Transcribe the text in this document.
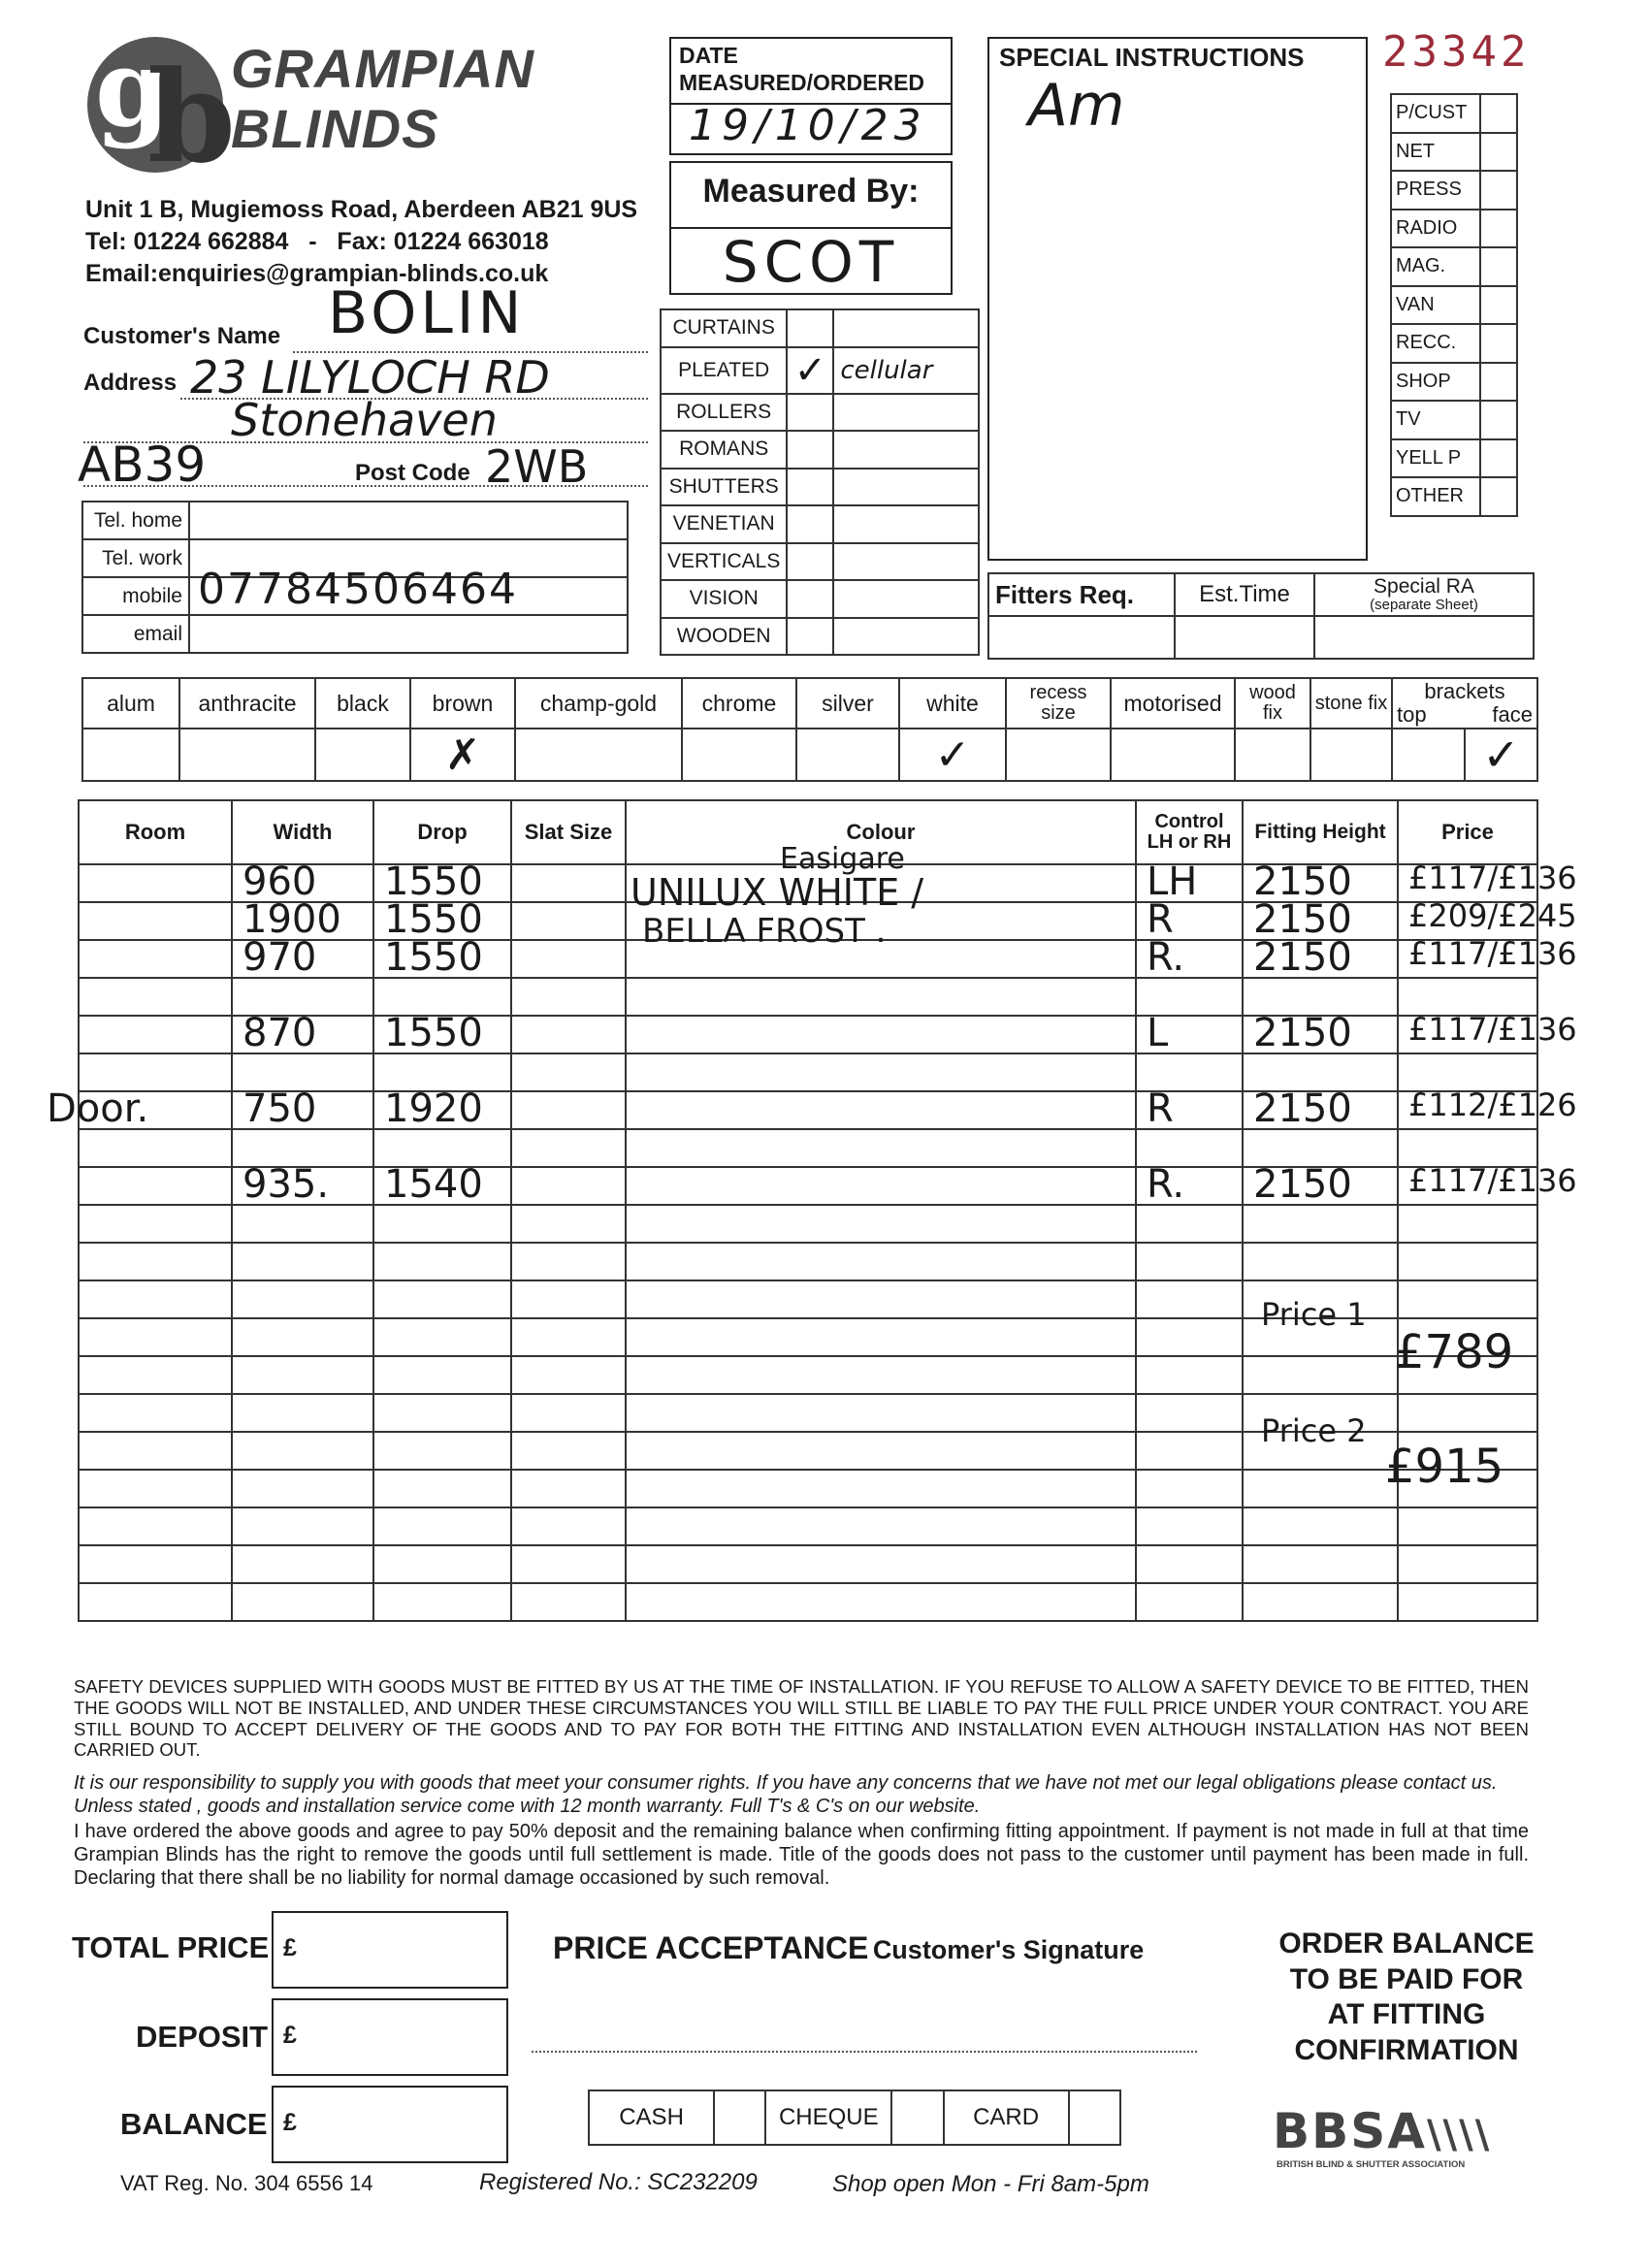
23342
g
b
GRAMPIAN
BLINDS
Unit 1 B, Mugiemoss Road, Aberdeen AB21 9US
Tel: 01224 662884   -   Fax: 01224 663018
Email:enquiries@grampian-blinds.co.uk
DATE
MEASURED/ORDERED
19/10/23
Measured By:
SCOT
SPECIAL INSTRUCTIONS
Am	P/CUST	
NET	
PRESS	
RADIO	
MAG.	
VAN	
RECC.	
SHOP	
TV	
YELL P	
OTHER	
Customer's Name BOLIN
Address 23 LILYLOCH RD
Stonehaven
AB39	Post Code 2WB
Tel. home	

Tel. work	

mobile	07784506464

email	
CURTAINS		
PLEATED	✓	cellular
ROLLERS		
ROMANS		
SHUTTERS		
VENETIAN		
VERTICALS		
VISION		
WOODEN		
Fitters Req.	Est.Time	Special RA
(separate Sheet)

alum	anthracite	black	brown	champ-gold	chrome	silver	white	recess size	motorised	wood fix	stone fix	brackets
top face

			✗				✓					✓
Room	Width	Drop	Slat Size	Colour	Control LH or RH	Fitting Height	Price

	960	1550			LH	2150	£117/£136

	1900	1550			R	2150	£209/£245

	970	1550			R.	2150	£117/£136

	870	1550			L	2150	£117/£136

Door.	750	1920			R	2150	£112/£126

	935.	1540			R.	2150	£117/£136

Easigare
UNILUX WHITE /
BELLA FROST .
Price 1
£789
Price 2
£915
SAFETY DEVICES SUPPLIED WITH GOODS MUST BE FITTED BY US AT THE TIME OF INSTALLATION. IF YOU REFUSE TO ALLOW A SAFETY DEVICE TO BE FITTED, THEN THE GOODS WILL NOT BE INSTALLED, AND UNDER THESE CIRCUMSTANCES YOU WILL STILL BE LIABLE TO PAY THE FULL PRICE UNDER YOUR CONTRACT. YOU ARE STILL BOUND TO ACCEPT DELIVERY OF THE GOODS AND TO PAY FOR BOTH THE FITTING AND INSTALLATION EVEN ALTHOUGH INSTALLATION HAS NOT BEEN CARRIED OUT.
It is our responsibility to supply you with goods that meet your consumer rights. If you have any concerns that we have not met our legal obligations please contact us. Unless stated , goods and installation service come with 12 month warranty. Full T's & C's on our website.
I have ordered the above goods and agree to pay 50% deposit and the remaining balance when confirming fitting appointment. If payment is not made in full at that time Grampian Blinds has the right to remove the goods until full settlement is made. Title of the goods does not pass to the customer until payment has been made in full. Declaring that there shall be no liability for normal damage occasioned by such removal.
TOTAL PRICE £
DEPOSIT £
BALANCE £
PRICE ACCEPTANCE Customer's Signature
CASH		CHEQUE		CARD	
ORDER BALANCE
TO BE PAID FOR
AT FITTING
CONFIRMATION
BBSA\\\\
BRITISH BLIND & SHUTTER ASSOCIATION
VAT Reg. No. 304 6556 14	Registered No.: SC232209	Shop open Mon - Fri 8am-5pm
